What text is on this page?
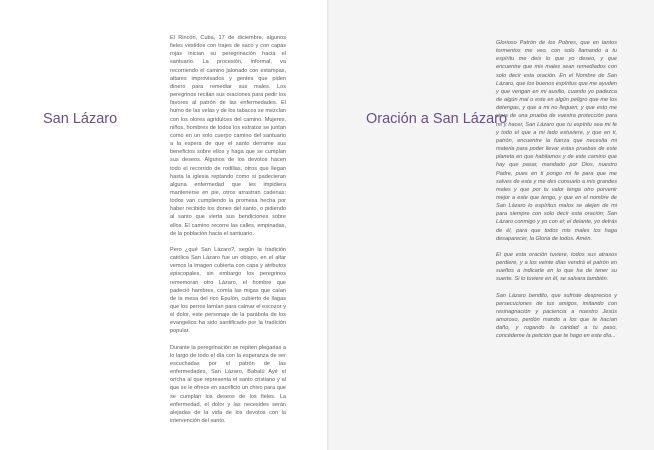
San Lázaro

El Rincón, Cuba, 17 de diciembre, algunos fieles vestidos con trajes de saco y con capas rojas inician su peregrinación hacia el santuario. La procesión, informal, va recorriendo el camino jalonado con estampas, altares improvisados y gentes que piden dinero para remediar sus males. Los peregrinos recitan sus oraciones para pedir los favores al patrón de las enfermedades. El humo de las velas y de los tabacos se mezclan con los olores agridulces del camino. Mujeres, niños, hombres de todos los estratos se juntan como en un solo cuerpo camino del santuario a la espera de que el santo derrame sus beneficios sobre ellos y haga que se cumplan sus deseos. Algunos de los devotos hacen todo el recorrido de rodillas, otros que llegan hasta la iglesia reptando como si padecieran alguna enfermedad que les impidiera mantenerse en pie, otros arrastran cadenas: todos van cumpliendo la promesa hecha por haber recibido los dones del santo, o pidiendo al santo que vierta sus bendiciones sobre ellos. El camino recorre las calles, empinadas, de la población hacia el santuario.

Pero ¿qué San Lázaro?, según la tradición católica San Lázaro fue un obispo, en el altar vemos la imagen cubierta con capa y atributos episcopales, sin embargo los peregrinos rememoran otro Lázaro, el hombre que padeció hambres, comía las migas que caían de la mesa del rico Epulón, cubierto de llagas que los perros lamían para calmar el escozor y el dolor, este personaje de la parábola de los evangelios ha sido santificado por la tradición popular.

Durante la peregrinación se repiten plegarias a lo largo de todo el día con la esperanza de ser escuchadas por el patrón de las enfermedades, San Lázaro, Babalú Ayé el orícha al que representa el santo cristiano y al que se le ofrece en sacrificio un chivo para que se cumplan los deseos de los fieles. La enfermedad, el dolor y las necesides serán alejadas de la vida de los devotos con la intervención del santo.

Oración a San Lázaro

Glorioso Patrón de los Pobres, que en tantos tormentos me veo, con solo llamando a tu espíritu me deis lo que yo deseo, y que encuentre que mis males sean remediados con solo decir esta oración. En el Nombre de San Lázaro, que los buenos espíritus que me ayuden y que vengan en mi auxilio, cuando yo padezca de algún mal o este en algún peligro que me los detengas, y que a mi no lleguen, y que esto me sirva de una prueba de vuestra protección para mi y hacer, San Lázaro que tu espíritu sea mi fe y todo el que a mi lado estuviere, y que en ti, patrón, encuentre la fuerza que necesita mi materia para poder llevar estas pruebas de este planeta en que habitamos y de este camino que hay que pasar, mandado por Dios, nuestro Padre, pues en ti pongo mi fe para que me salves de esta y me des consuelo a mis grandes males y que por tu valor tenga otro porvenir mejor a este que tengo, y que en el nombre de San Lázaro lo espíritus malos se alejen de mi para siempre con solo decir esta oración; San Lázaro conmigo y yo con el; el delante, yo detrás de él, para que todos mis males los haga desaparecer, la Gloria de todos. Amén.

El que esta oración tuviere, todos sus atrasos perdiere, y a los veinte días vendrá el patrón en sueños a indicarle en lo que ha de tener su suerte. Si lo tuviere en él, se salvara también.

San Lázaro bendito, que sufriste desprecios y persecuciones de tus amigos, imitando con resinagnación y paciencia a nuestro Jesús amoroso, perdón mando a los que te hacían daño, y rogando la caridad a tu paso, concédeme la petición que te hago en este día...
